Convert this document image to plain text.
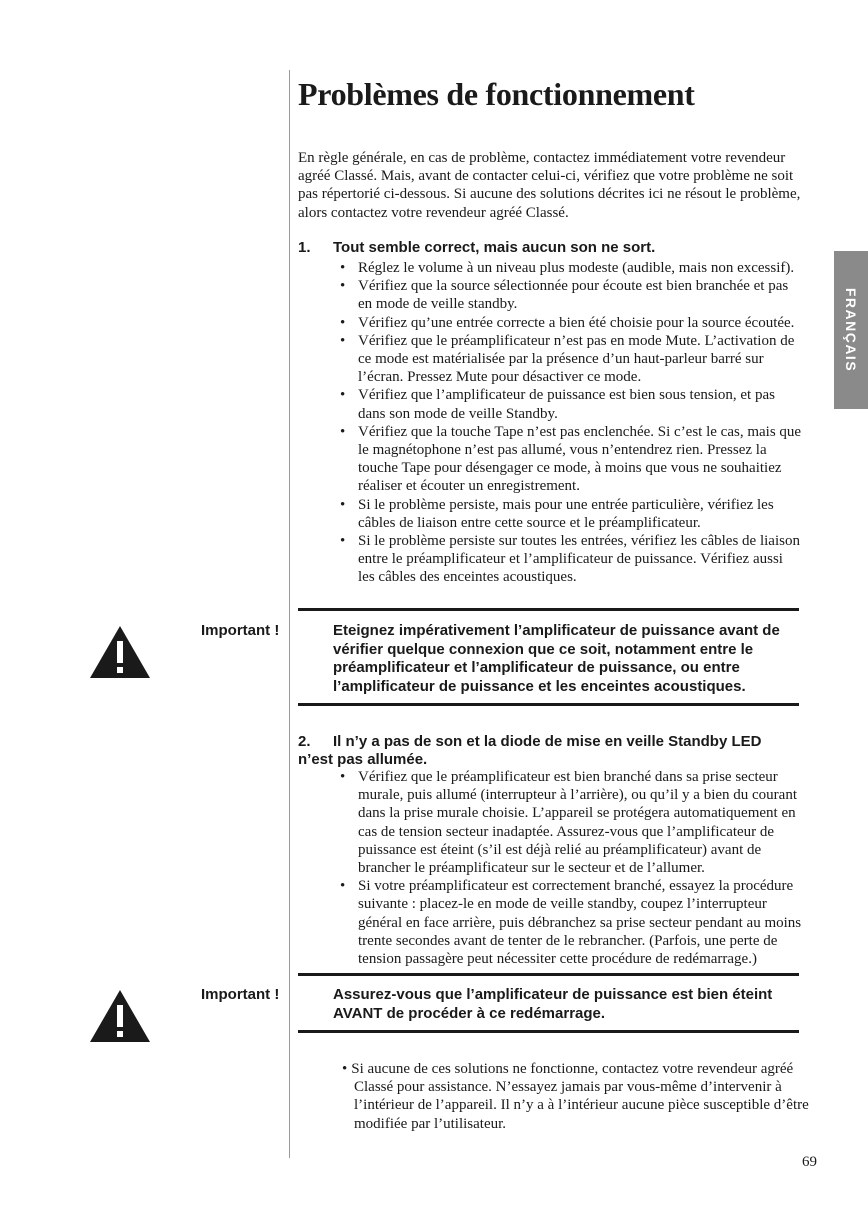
Problèmes de fonctionnement
FRANÇAIS

En règle générale, en cas de problème, contactez immédiatement votre revendeur agréé Classé. Mais, avant de contacter celui-ci, vérifiez que votre problème ne soit pas répertorié ci-dessous. Si aucune des solutions décrites ici ne résout le problème, alors contactez votre revendeur agréé Classé.

1. Tout semble correct, mais aucun son ne sort.
• Réglez le volume à un niveau plus modeste (audible, mais non excessif).
• Vérifiez que la source sélectionnée pour écoute est bien branchée et pas en mode de veille standby.
• Vérifiez qu’une entrée correcte a bien été choisie pour la source écoutée.
• Vérifiez que le préamplificateur n’est pas en mode Mute. L’activation de ce mode est matérialisée par la présence d’un haut-parleur barré sur l’écran. Pressez Mute pour désactiver ce mode.
• Vérifiez que l’amplificateur de puissance est bien sous tension, et pas dans son mode de veille Standby.
• Vérifiez que la touche Tape n’est pas enclenchée. Si c’est le cas, mais que le magnétophone n’est pas allumé, vous n’entendrez rien. Pressez la touche Tape pour désengager ce mode, à moins que vous ne souhaitiez réaliser et écouter un enregistrement.
• Si le problème persiste, mais pour une entrée particulière, vérifiez les câbles de liaison entre cette source et le préamplificateur.
• Si le problème persiste sur toutes les entrées, vérifiez les câbles de liaison entre le préamplificateur et l’amplificateur de puissance. Vérifiez aussi les câbles des enceintes acoustiques.
Important !	Eteignez impérativement l’amplificateur de puissance avant de vérifier quelque connexion que ce soit, notamment entre le préamplificateur et l’amplificateur de puissance, ou entre l’amplificateur de puissance et les enceintes acoustiques.

2.	Il n’y a pas de son et la diode de mise en veille Standby LED n’est pas allumée.
• Vérifiez que le préamplificateur est bien branché dans sa prise secteur murale, puis allumé (interrupteur à l’arrière), ou qu’il y a bien du courant dans la prise murale choisie. L’appareil se protégera automatiquement en cas de tension secteur inadaptée. Assurez-vous que l’amplificateur de puissance est éteint (s’il est déjà relié au préamplificateur) avant de brancher le préamplificateur sur le secteur et de l’allumer.
• Si votre préamplificateur est correctement branché, essayez la procédure suivante : placez-le en mode de veille standby, coupez l’interrupteur général en face arrière, puis débranchez sa prise secteur pendant au moins trente secondes avant de tenter de le rebrancher. (Parfois, une perte de tension passagère peut nécessiter cette procédure de redémarrage.)
Important !	Assurez-vous que l’amplificateur de puissance est bien éteint AVANT de procéder à ce redémarrage.

• Si aucune de ces solutions ne fonctionne, contactez votre revendeur agréé Classé pour assistance. N’essayez jamais par vous-même d’intervenir à l’intérieur de l’appareil. Il n’y a à l’intérieur aucune pièce susceptible d’être modifiée par l’utilisateur.
69
